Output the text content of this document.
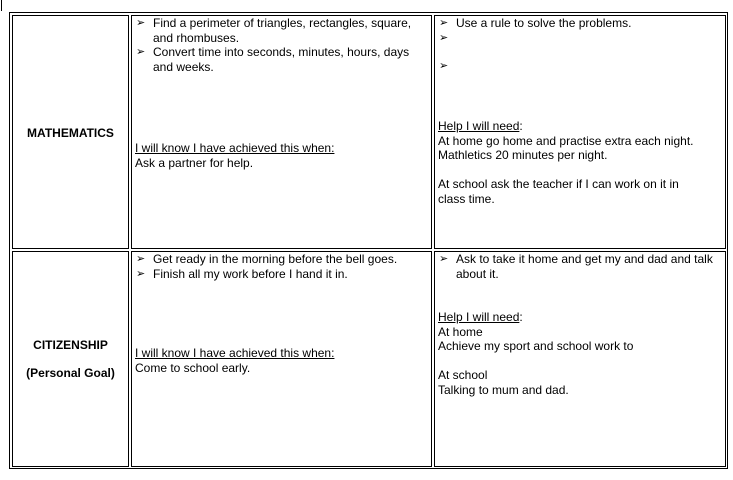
MATHEMATICS
➢ Find a perimeter of triangles, rectangles, square, and rhombuses.
➢ Convert time into seconds, minutes, hours, days and weeks.
I will know I have achieved this when:
Ask a partner for help.
➢ Use a rule to solve the problems.
➢

➢

Help I will need:
At home go home and practise extra each night.
Mathletics 20 minutes per night.

At school ask the teacher if I can work on it in
class time.
CITIZENSHIP
(Personal Goal)
➢ Get ready in the morning before the bell goes.
➢ Finish all my work before I hand it in.
I will know I have achieved this when:
Come to school early.
➢ Ask to take it home and get my and dad and talk about it.
Help I will need:
At home
Achieve my sport and school work to

At school
Talking to mum and dad.
